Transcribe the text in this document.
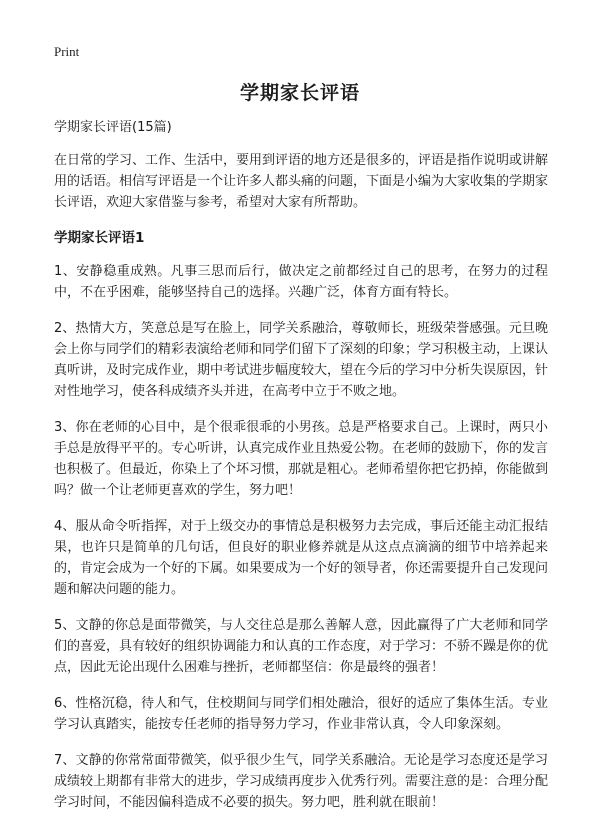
Print
学期家长评语

学期家长评语(15篇)

在日常的学习、工作、生活中，要用到评语的地方还是很多的，评语是指作说明或讲解用的话语。相信写评语是一个让许多人都头痛的问题，下面是小编为大家收集的学期家长评语，欢迎大家借鉴与参考，希望对大家有所帮助。

学期家长评语1

1、安静稳重成熟。凡事三思而后行，做决定之前都经过自己的思考，在努力的过程中，不在乎困难，能够坚持自己的选择。兴趣广泛，体育方面有特长。

2、热情大方，笑意总是写在脸上，同学关系融洽，尊敬师长，班级荣誉感强。元旦晚会上你与同学们的精彩表演给老师和同学们留下了深刻的印象；学习积极主动，上课认真听讲，及时完成作业，期中考试进步幅度较大，望在今后的学习中分析失误原因，针对性地学习，使各科成绩齐头并进，在高考中立于不败之地。

3、你在老师的心目中，是个很乖很乖的小男孩。总是严格要求自己。上课时，两只小手总是放得平平的。专心听讲，认真完成作业且热爱公物。在老师的鼓励下，你的发言也积极了。但最近，你染上了个坏习惯，那就是粗心。老师希望你把它扔掉，你能做到吗？做一个让老师更喜欢的学生，努力吧！

4、服从命令听指挥，对于上级交办的事情总是积极努力去完成，事后还能主动汇报结果，也许只是简单的几句话，但良好的职业修养就是从这点点滴滴的细节中培养起来的，肯定会成为一个好的下属。如果要成为一个好的领导者，你还需要提升自己发现问题和解决问题的能力。

5、文静的你总是面带微笑，与人交往总是那么善解人意，因此赢得了广大老师和同学们的喜爱，具有较好的组织协调能力和认真的工作态度，对于学习：不骄不躁是你的优点，因此无论出现什么困难与挫折，老师都坚信：你是最终的强者！

6、性格沉稳，待人和气，住校期间与同学们相处融洽，很好的适应了集体生活。专业学习认真踏实，能按专任老师的指导努力学习，作业非常认真，令人印象深刻。

7、文静的你常常面带微笑，似乎很少生气，同学关系融洽。无论是学习态度还是学习成绩较上期都有非常大的进步，学习成绩再度步入优秀行列。需要注意的是：合理分配学习时间，不能因偏科造成不必要的损失。努力吧，胜利就在眼前！
